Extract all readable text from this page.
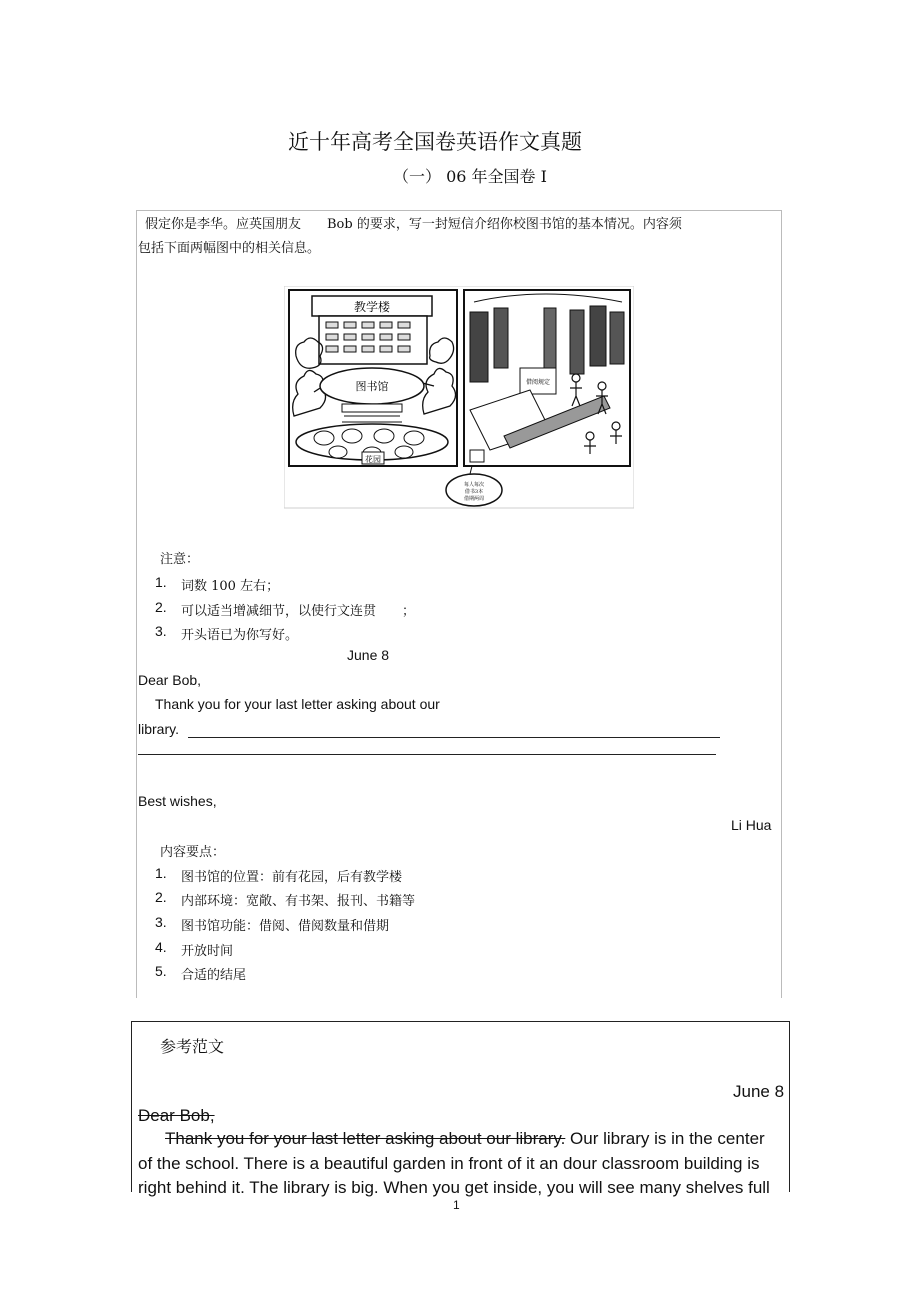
近十年高考全国卷英语作文真题
（一） 06 年全国卷 I
假定你是李华。应英国朋友　　Bob 的要求，写一封短信介绍你校图书馆的基本情况。内容须
包括下面两幅图中的相关信息。
教学楼
图书馆
花园
借阅规定
每人每次
借书3本
借期两周
注意：
1. 词数 100 左右；
2. 可以适当增减细节，以使行文连贯　　；
3. 开头语已为你写好。
June 8
Dear Bob,
Thank you for your last letter asking about our
library.
Best wishes,
Li Hua
内容要点：
1. 图书馆的位置：前有花园，后有教学楼
2. 内部环境：宽敞、有书架、报刊、书籍等
3. 图书馆功能：借阅、借阅数量和借期
4. 开放时间
5. 合适的结尾
参考范文
June 8
Dear Bob,
Thank you for your last letter asking about our library. Our library is in the center
of the school. There is a beautiful garden in front of it an dour classroom building is
right behind it. The library is big. When you get inside, you will see many shelves full
1
